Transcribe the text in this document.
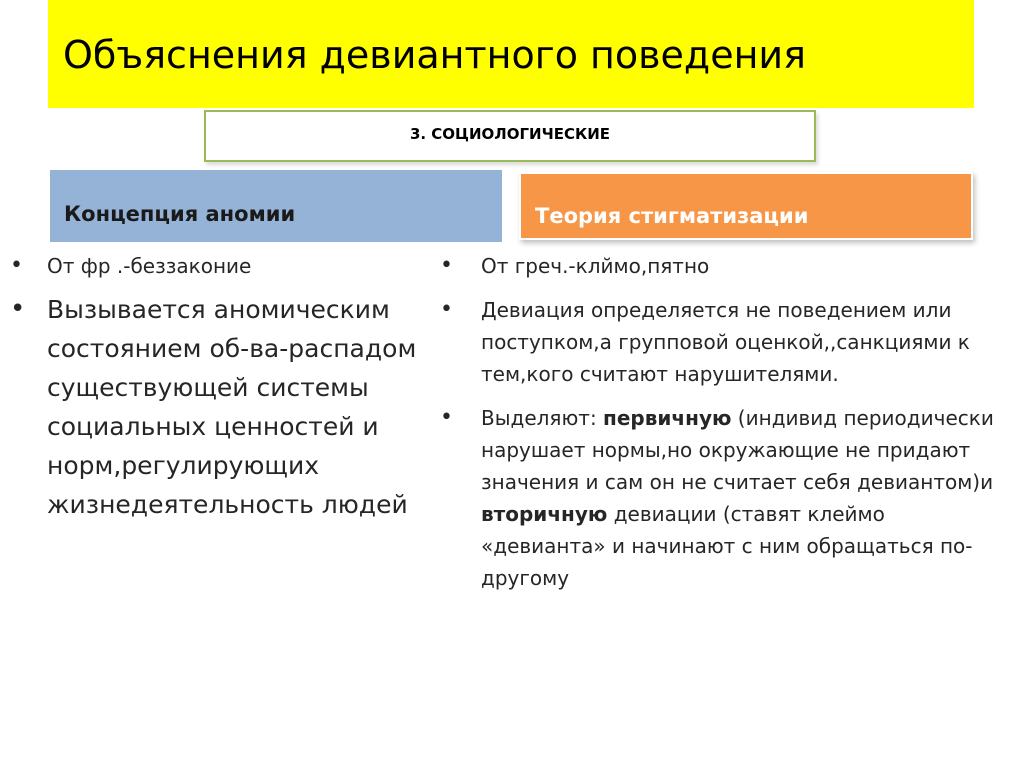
Объяснения девиантного поведения
3. СОЦИОЛОГИЧЕСКИЕ
Концепция аномии	Теория стигматизации
• От фр .-беззаконие
• Вызывается аномическим состоянием об-ва-распадом существующей системы социальных ценностей и норм,регулирующих жизнедеятельность людей
• От греч.-клймо,пятно
• Девиация определяется не поведением или поступком,а групповой оценкой,,санкциями к тем,кого считают нарушителями.
• Выделяют: первичную (индивид периодически нарушает нормы,но окружающие не придают значения и сам он не считает себя девиантом)и вторичную девиации (ставят клеймо «девианта» и начинают с ним обращаться по-другому
